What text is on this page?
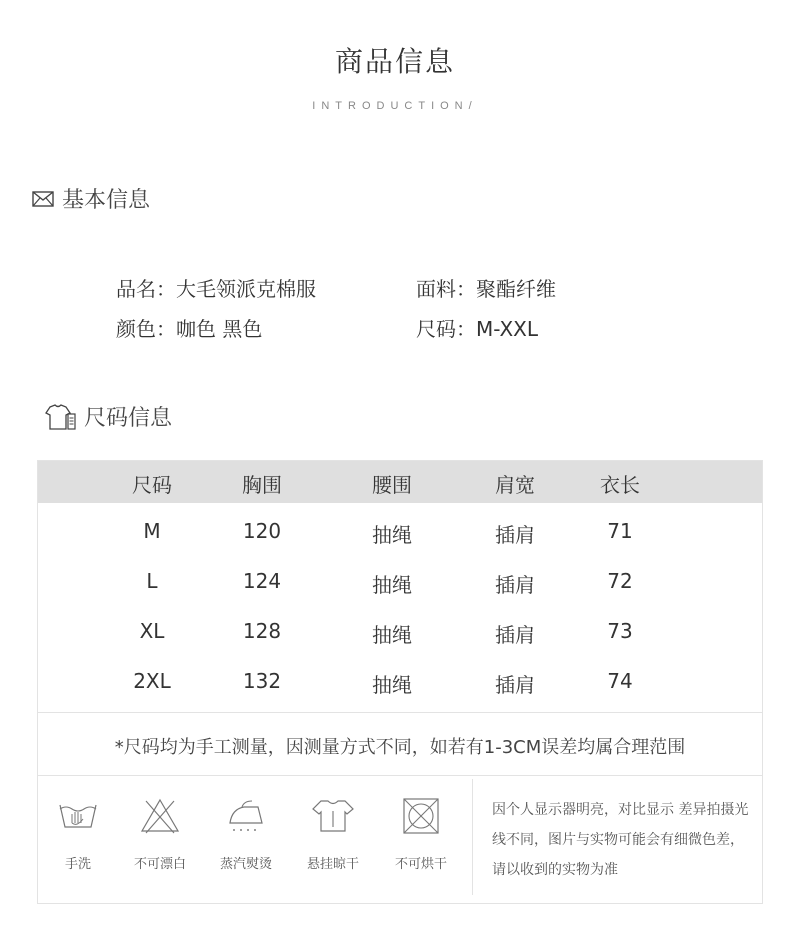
商品信息
INTRODUCTION/
基本信息
品名：大毛领派克棉服	面料：聚酯纤维
颜色：咖色 黑色	尺码：M-XXL
尺码信息
尺码	胸围	腰围	肩宽	衣长
M	120	抽绳	插肩	71
L	124	抽绳	插肩	72
XL	128	抽绳	插肩	73
2XL	132	抽绳	插肩	74
*尺码均为手工测量，因测量方式不同，如若有1-3CM误差均属合理范围
手洗	不可漂白	蒸汽熨烫	悬挂晾干	不可烘干
因个人显示器明亮，对比显示 差异拍摄光线不同，图片与实物可能会有细微色差，请以收到的实物为准
